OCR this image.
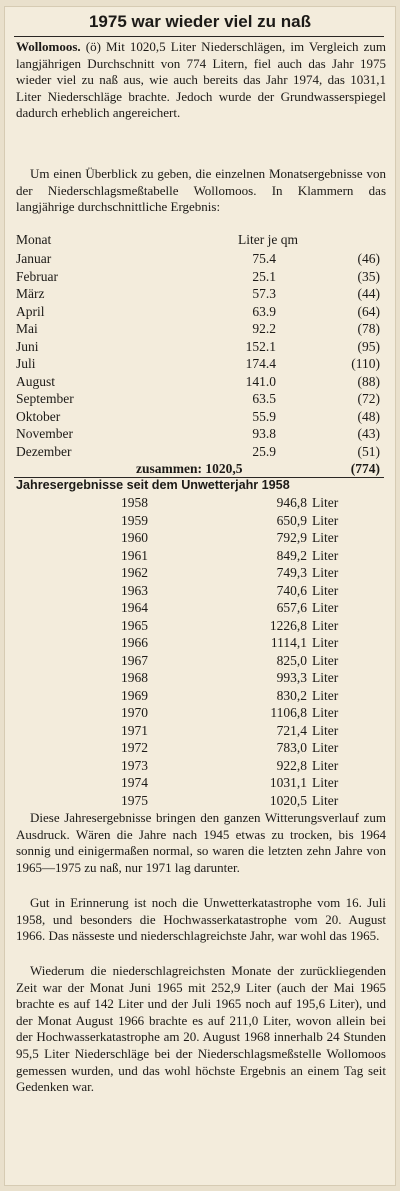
1975 war wieder viel zu naß

Wollomoos. (ö) Mit 1020,5 Liter Niederschlägen, im Vergleich zum langjährigen Durchschnitt von 774 Litern, fiel auch das Jahr 1975 wieder viel zu naß aus, wie auch bereits das Jahr 1974, das 1031,1 Liter Niederschläge brachte. Jedoch wurde der Grundwasserspiegel dadurch erheblich angereichert.

Um einen Überblick zu geben, die einzelnen Monatsergebnisse von der Niederschlagsmeßtabelle Wollomoos. In Klammern das langjährige durchschnittliche Ergebnis:

Monat	Liter je qm
Januar	75.4	(46)
Februar	25.1	(35)
März	57.3	(44)
April	63.9	(64)
Mai	92.2	(78)
Juni	152.1	(95)
Juli	174.4	(110)
August	141.0	(88)
September	63.5	(72)
Oktober	55.9	(48)
November	93.8	(43)
Dezember	25.9	(51)
zusammen: 1020,5	(774)
Jahresergebnisse seit dem Unwetterjahr 1958
1958	946,8 Liter
1959	650,9 Liter
1960	792,9 Liter
1961	849,2 Liter
1962	749,3 Liter
1963	740,6 Liter
1964	657,6 Liter
1965	1226,8 Liter
1966	1114,1 Liter
1967	825,0 Liter
1968	993,3 Liter
1969	830,2 Liter
1970	1106,8 Liter
1971	721,4 Liter
1972	783,0 Liter
1973	922,8 Liter
1974	1031,1 Liter
1975	1020,5 Liter

Diese Jahresergebnisse bringen den ganzen Witterungsverlauf zum Ausdruck. Wären die Jahre nach 1945 etwas zu trocken, bis 1964 sonnig und einigermaßen normal, so waren die letzten zehn Jahre von 1965—1975 zu naß, nur 1971 lag darunter.

Gut in Erinnerung ist noch die Unwetterkatastrophe vom 16. Juli 1958, und besonders die Hochwasserkatastrophe vom 20. August 1966. Das nässeste und niederschlagreichste Jahr, war wohl das 1965.

Wiederum die niederschlagreichsten Monate der zurückliegenden Zeit war der Monat Juni 1965 mit 252,9 Liter (auch der Mai 1965 brachte es auf 142 Liter und der Juli 1965 noch auf 195,6 Liter), und der Monat August 1966 brachte es auf 211,0 Liter, wovon allein bei der Hochwasserkatastrophe am 20. August 1968 innerhalb 24 Stunden 95,5 Liter Niederschläge bei der Niederschlagsmeßstelle Wollomoos gemessen wurden, und das wohl höchste Ergebnis an einem Tag seit Gedenken war.
